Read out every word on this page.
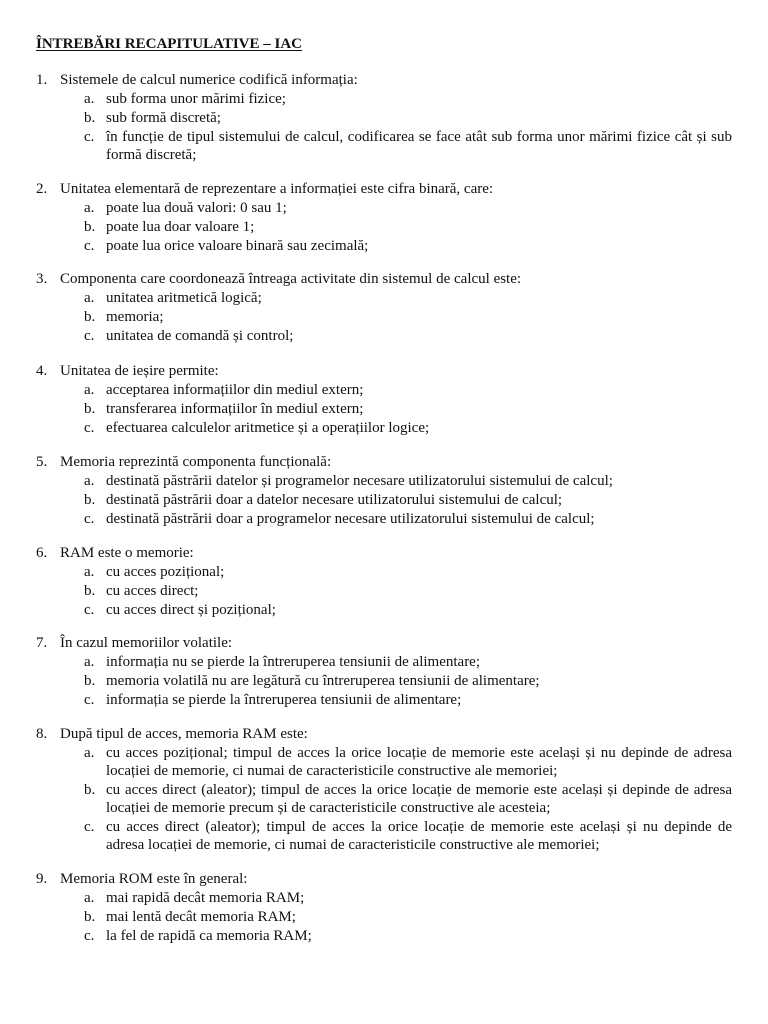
ÎNTREBĂRI RECAPITULATIVE – IAC
1. Sistemele de calcul numerice codifică informația:
a. sub forma unor mărimi fizice;
b. sub formă discretă;
c. în funcție de tipul sistemului de calcul, codificarea se face atât sub forma unor mărimi fizice cât și sub formă discretă;
2. Unitatea elementară de reprezentare a informației este cifra binară, care:
a. poate lua două valori: 0 sau 1;
b. poate lua doar valoare 1;
c. poate lua orice valoare binară sau zecimală;
3. Componenta care coordonează întreaga activitate din sistemul de calcul este:
a. unitatea aritmetică logică;
b. memoria;
c. unitatea de comandă și control;
4. Unitatea de ieșire permite:
a. acceptarea informațiilor din mediul extern;
b. transferarea informațiilor în mediul extern;
c. efectuarea calculelor aritmetice și a operațiilor logice;
5. Memoria reprezintă componenta funcțională:
a. destinată păstrării datelor și programelor necesare utilizatorului sistemului de calcul;
b. destinată păstrării doar a datelor necesare utilizatorului sistemului de calcul;
c. destinată păstrării doar a programelor necesare utilizatorului sistemului de calcul;
6. RAM este o memorie:
a. cu acces pozițional;
b. cu acces direct;
c. cu acces direct și pozițional;
7. În cazul memoriilor volatile:
a. informația nu se pierde la întreruperea tensiunii de alimentare;
b. memoria volatilă nu are legătură cu întreruperea tensiunii de alimentare;
c. informația se pierde la întreruperea tensiunii de alimentare;
8. După tipul de acces, memoria RAM este:
a. cu acces pozițional; timpul de acces la orice locație de memorie este același și nu depinde de adresa locației de memorie, ci numai de caracteristicile constructive ale memoriei;
b. cu acces direct (aleator); timpul de acces la orice locație de memorie este același și depinde de adresa locației de memorie precum și de caracteristicile constructive ale acesteia;
c. cu acces direct (aleator); timpul de acces la orice locație de memorie este același și nu depinde de adresa locației de memorie, ci numai de caracteristicile constructive ale memoriei;
9. Memoria ROM este în general:
a. mai rapidă decât memoria RAM;
b. mai lentă decât memoria RAM;
c. la fel de rapidă ca memoria RAM;
